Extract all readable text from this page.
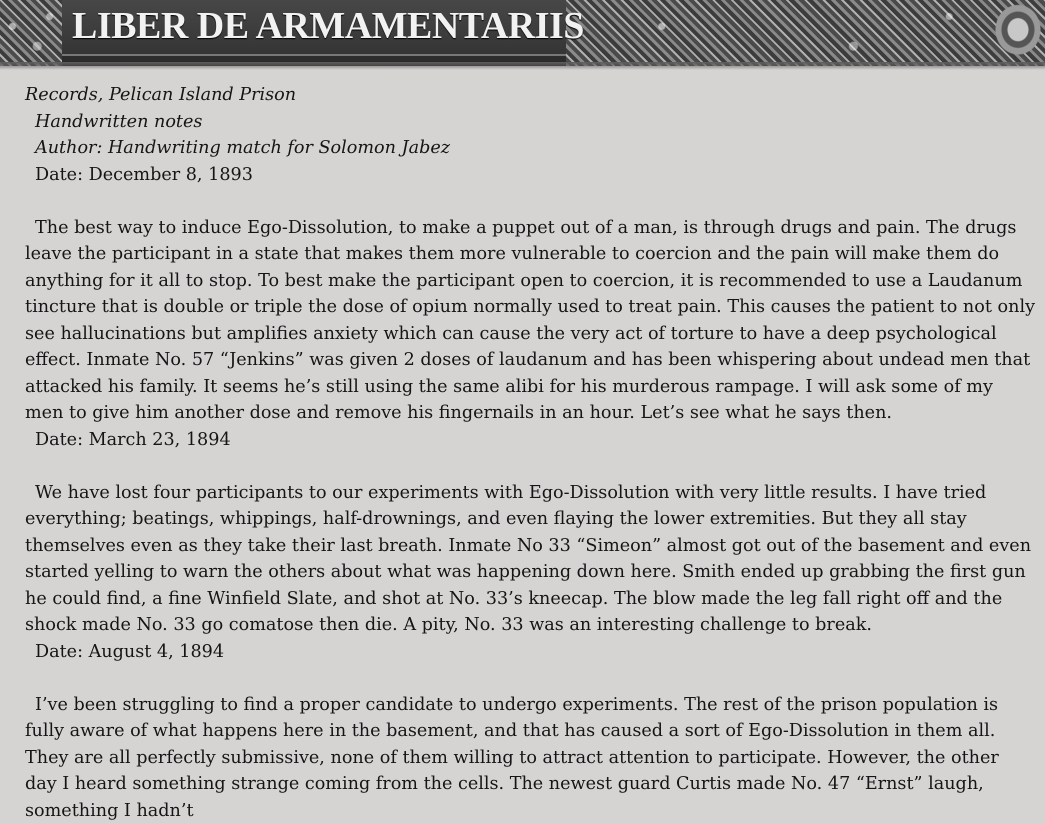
LIBER DE ARMAMENTARIIS
Records, Pelican Island Prison
Handwritten notes
Author: Handwriting match for Solomon Jabez
Date: December 8, 1893

The best way to induce Ego-Dissolution, to make a puppet out of a man, is through drugs and pain. The drugs leave the participant in a state that makes them more vulnerable to coercion and the pain will make them do anything for it all to stop. To best make the participant open to coercion, it is recommended to use a Laudanum tincture that is double or triple the dose of opium normally used to treat pain. This causes the patient to not only see hallucinations but amplifies anxiety which can cause the very act of torture to have a deep psychological effect. Inmate No. 57 “Jenkins” was given 2 doses of laudanum and has been whispering about undead men that attacked his family. It seems he’s still using the same alibi for his murderous rampage. I will ask some of my men to give him another dose and remove his fingernails in an hour. Let’s see what he says then.

Date: March 23, 1894

We have lost four participants to our experiments with Ego-Dissolution with very little results. I have tried everything; beatings, whippings, half-drownings, and even flaying the lower extremities. But they all stay themselves even as they take their last breath. Inmate No 33 “Simeon” almost got out of the basement and even started yelling to warn the others about what was happening down here. Smith ended up grabbing the first gun he could find, a fine Winfield Slate, and shot at No. 33’s kneecap. The blow made the leg fall right off and the shock made No. 33 go comatose then die. A pity, No. 33 was an interesting challenge to break.

Date: August 4, 1894

I’ve been struggling to find a proper candidate to undergo experiments. The rest of the prison population is fully aware of what happens here in the basement, and that has caused a sort of Ego-Dissolution in them all. They are all perfectly submissive, none of them willing to attract attention to participate. However, the other day I heard something strange coming from the cells. The newest guard Curtis made No. 47 “Ernst” laugh, something I hadn’t
